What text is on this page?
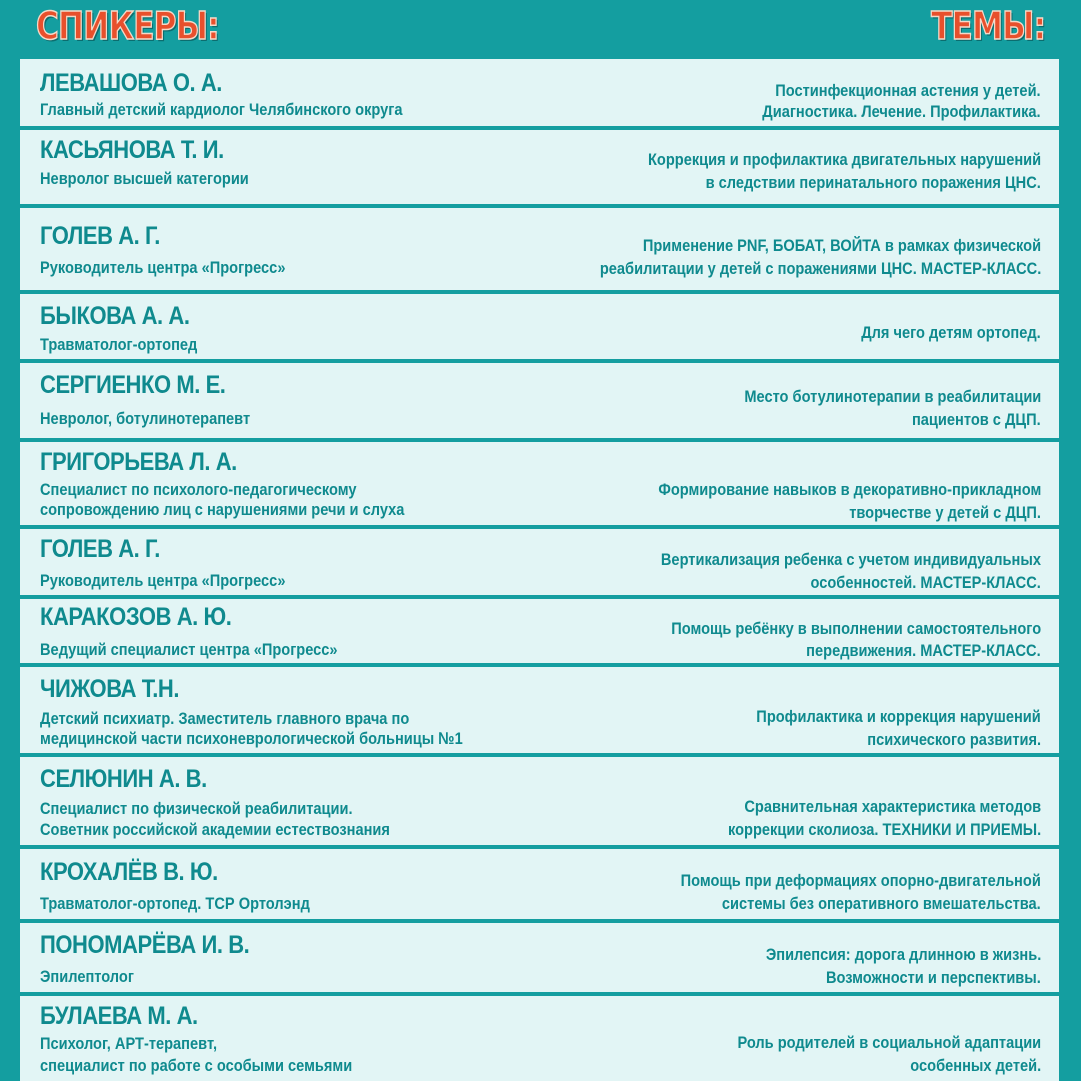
СПИКЕРЫ:	ТЕМЫ:
ЛЕВАШОВА О. А.
Главный детский кардиолог Челябинского округа
Постинфекционная астения у детей.
Диагностика. Лечение. Профилактика.
КАСЬЯНОВА Т. И.
Невролог высшей категории
Коррекция и профилактика двигательных нарушений
в следствии перинатального поражения ЦНС.
ГОЛЕВ А. Г.
Руководитель центра «Прогресс»
Применение PNF, БОБАТ, ВОЙТА в рамках физической
реабилитации у детей с поражениями ЦНС. МАСТЕР-КЛАСС.
БЫКОВА А. А.
Травматолог-ортопед
Для чего детям ортопед.
СЕРГИЕНКО М. Е.
Невролог, ботулинотерапевт
Место ботулинотерапии в реабилитации
пациентов с ДЦП.
ГРИГОРЬЕВА Л. А.
Специалист по психолого-педагогическому
сопровождению лиц с нарушениями речи и слуха
Формирование навыков в декоративно-прикладном
творчестве у детей с ДЦП.
ГОЛЕВ А. Г.
Руководитель центра «Прогресс»
Вертикализация ребенка с учетом индивидуальных
особенностей. МАСТЕР-КЛАСС.
КАРАКОЗОВ А. Ю.
Ведущий специалист центра «Прогресс»
Помощь ребёнку в выполнении самостоятельного
передвижения. МАСТЕР-КЛАСС.
ЧИЖОВА Т.Н.
Детский психиатр. Заместитель главного врача по
медицинской части психоневрологической больницы №1
Профилактика и коррекция нарушений
психического развития.
СЕЛЮНИН А. В.
Специалист по физической реабилитации.
Советник российской академии естествознания
Сравнительная характеристика методов
коррекции сколиоза. ТЕХНИКИ И ПРИЕМЫ.
КРОХАЛЁВ В. Ю.
Травматолог-ортопед. ТСР Ортолэнд
Помощь при деформациях опорно-двигательной
системы без оперативного вмешательства.
ПОНОМАРЁВА И. В.
Эпилептолог
Эпилепсия: дорога длинною в жизнь.
Возможности и перспективы.
БУЛАЕВА М. А.
Психолог, АРТ-терапевт,
специалист по работе с особыми семьями
Роль родителей в социальной адаптации
особенных детей.
